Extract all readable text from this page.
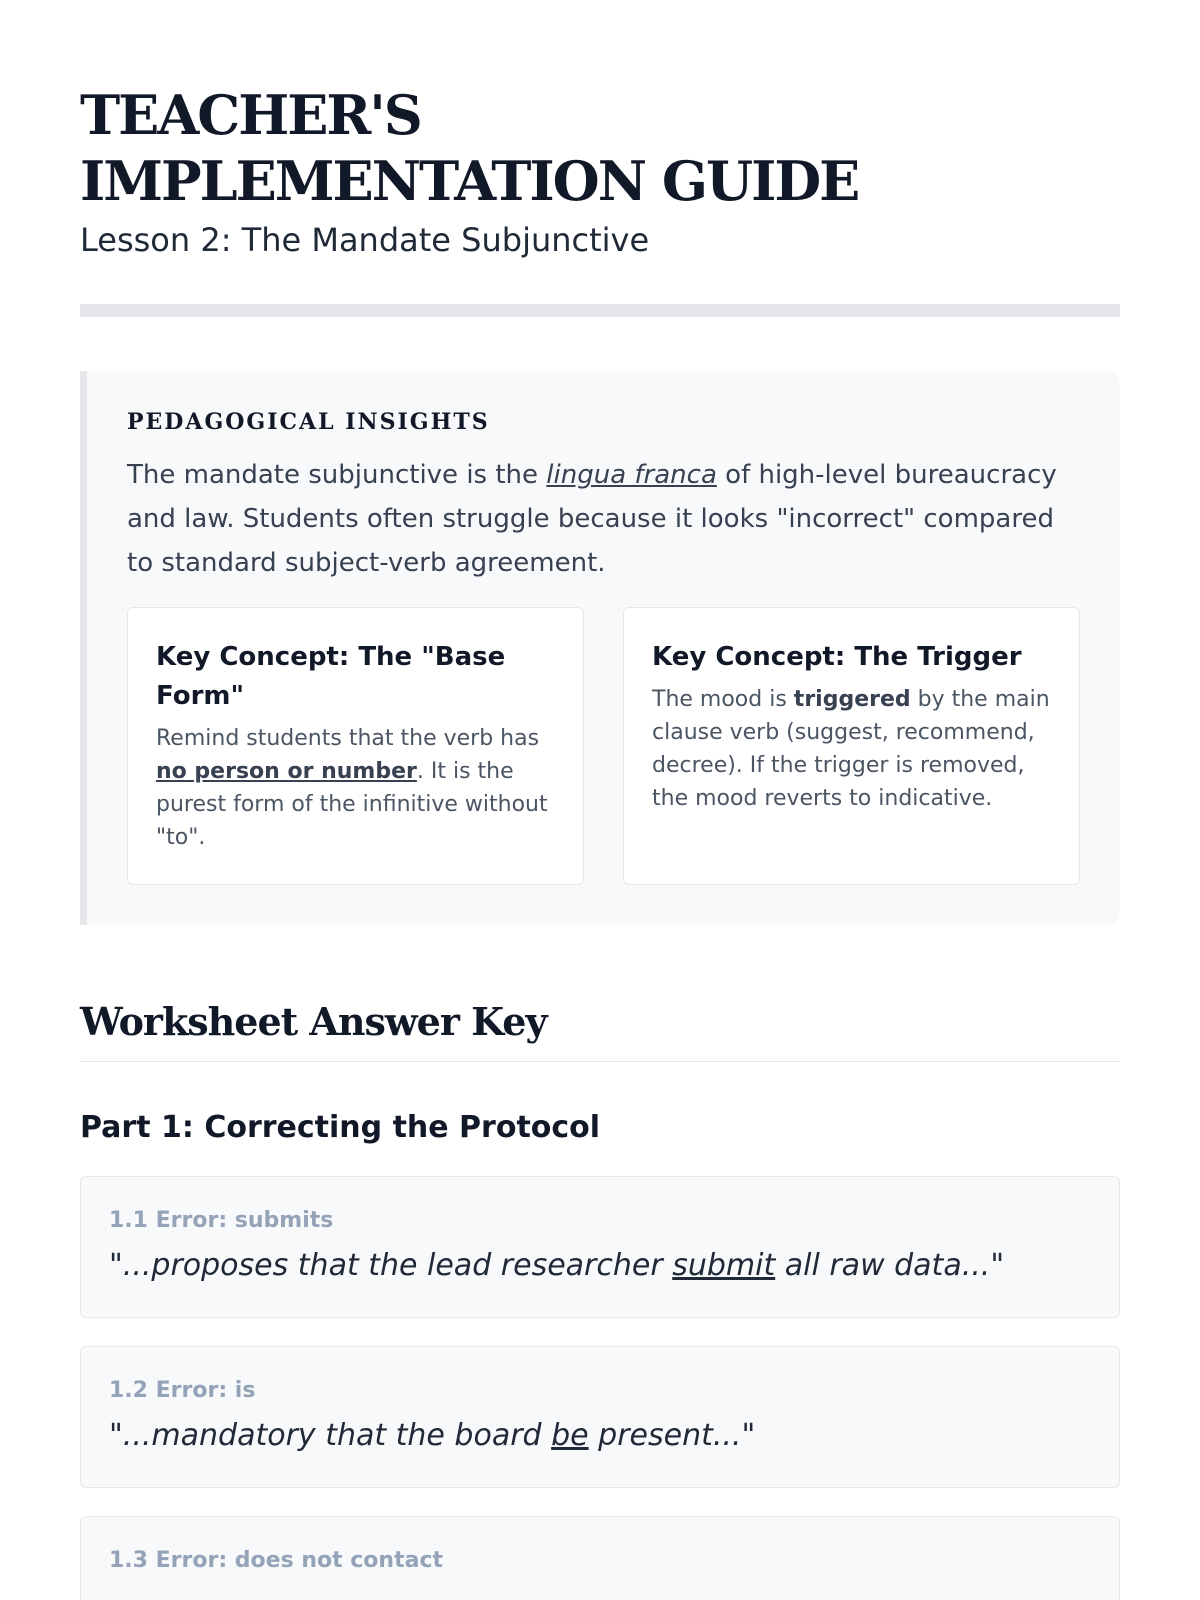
TEACHER'S IMPLEMENTATION GUIDE
Lesson 2: The Mandate Subjunctive
PEDAGOGICAL INSIGHTS

The mandate subjunctive is the lingua franca of high-level bureaucracy and law. Students often struggle because it looks "incorrect" compared to standard subject-verb agreement.

Key Concept: The "Base Form"

Remind students that the verb has no person or number. It is the purest form of the infinitive without "to".

Key Concept: The Trigger

The mood is triggered by the main clause verb (suggest, recommend, decree). If the trigger is removed, the mood reverts to indicative.

Worksheet Answer Key
Part 1: Correcting the Protocol
1.1 Error: submits

"...proposes that the lead researcher submit all raw data..."

1.2 Error: is

"...mandatory that the board be present..."

1.3 Error: does not contact
